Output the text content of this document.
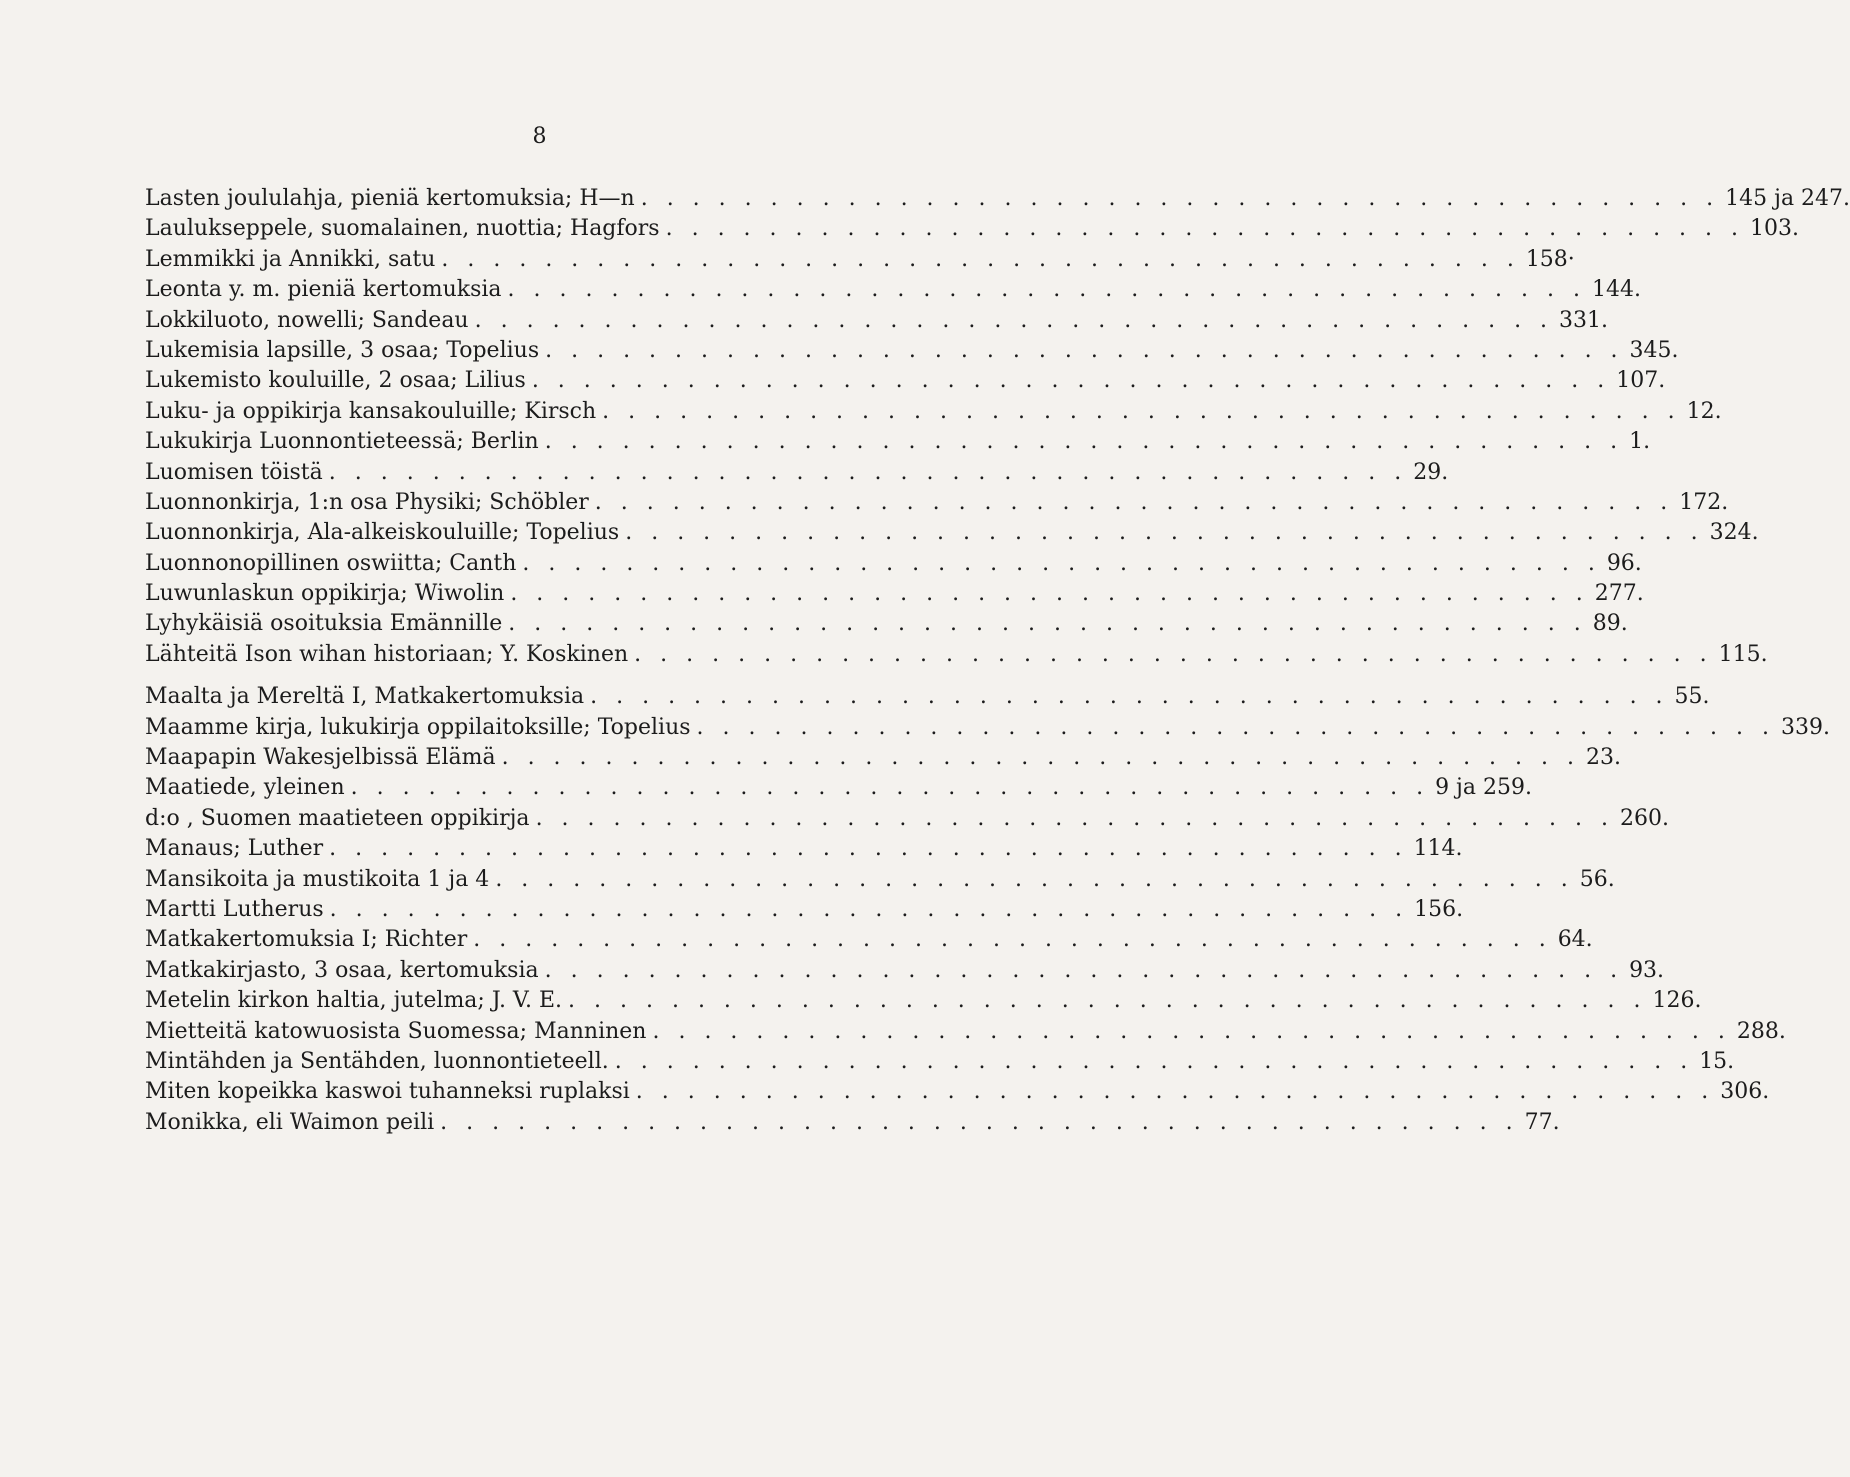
8
Lasten joululahja, pieniä kertomuksia; H—n . . . . . . . . . . . . . . . . . . . . . . . . . . . . . . . . . . . . . . . . . . 145 ja 247.
Laulukseppele, suomalainen, nuottia; Hagfors . . . . . . . . . . . . . . . . . . . . . . . . . . . . . . . . . . . . . . . . . . 103.
Lemmikki ja Annikki, satu . . . . . . . . . . . . . . . . . . . . . . . . . . . . . . . . . . . . . . . . . . 158·
Leonta y. m. pieniä kertomuksia . . . . . . . . . . . . . . . . . . . . . . . . . . . . . . . . . . . . . . . . . . 144.
Lokkiluoto, nowelli; Sandeau . . . . . . . . . . . . . . . . . . . . . . . . . . . . . . . . . . . . . . . . . . 331.
Lukemisia lapsille, 3 osaa; Topelius . . . . . . . . . . . . . . . . . . . . . . . . . . . . . . . . . . . . . . . . . . 345.
Lukemisto kouluille, 2 osaa; Lilius . . . . . . . . . . . . . . . . . . . . . . . . . . . . . . . . . . . . . . . . . . 107.
Luku- ja oppikirja kansakouluille; Kirsch . . . . . . . . . . . . . . . . . . . . . . . . . . . . . . . . . . . . . . . . . . 12.
Lukukirja Luonnontieteessä; Berlin . . . . . . . . . . . . . . . . . . . . . . . . . . . . . . . . . . . . . . . . . . 1.
Luomisen töistä . . . . . . . . . . . . . . . . . . . . . . . . . . . . . . . . . . . . . . . . . . 29.
Luonnonkirja, 1:n osa Physiki; Schöbler . . . . . . . . . . . . . . . . . . . . . . . . . . . . . . . . . . . . . . . . . . 172.
Luonnonkirja, Ala-alkeiskouluille; Topelius . . . . . . . . . . . . . . . . . . . . . . . . . . . . . . . . . . . . . . . . . . 324.
Luonnonopillinen oswiitta; Canth . . . . . . . . . . . . . . . . . . . . . . . . . . . . . . . . . . . . . . . . . . 96.
Luwunlaskun oppikirja; Wiwolin . . . . . . . . . . . . . . . . . . . . . . . . . . . . . . . . . . . . . . . . . . 277.
Lyhykäisiä osoituksia Emännille . . . . . . . . . . . . . . . . . . . . . . . . . . . . . . . . . . . . . . . . . . 89.
Lähteitä Ison wihan historiaan; Y. Koskinen . . . . . . . . . . . . . . . . . . . . . . . . . . . . . . . . . . . . . . . . . . 115.
Maalta ja Mereltä I, Matkakertomuksia . . . . . . . . . . . . . . . . . . . . . . . . . . . . . . . . . . . . . . . . . . 55.
Maamme kirja, lukukirja oppilaitoksille; Topelius . . . . . . . . . . . . . . . . . . . . . . . . . . . . . . . . . . . . . . . . . . 339.
Maapapin Wakesjelbissä Elämä . . . . . . . . . . . . . . . . . . . . . . . . . . . . . . . . . . . . . . . . . . 23.
Maatiede, yleinen . . . . . . . . . . . . . . . . . . . . . . . . . . . . . . . . . . . . . . . . . . 9 ja 259.
d:o , Suomen maatieteen oppikirja . . . . . . . . . . . . . . . . . . . . . . . . . . . . . . . . . . . . . . . . . . 260.
Manaus; Luther . . . . . . . . . . . . . . . . . . . . . . . . . . . . . . . . . . . . . . . . . . 114.
Mansikoita ja mustikoita 1 ja 4 . . . . . . . . . . . . . . . . . . . . . . . . . . . . . . . . . . . . . . . . . . 56.
Martti Lutherus . . . . . . . . . . . . . . . . . . . . . . . . . . . . . . . . . . . . . . . . . . 156.
Matkakertomuksia I; Richter . . . . . . . . . . . . . . . . . . . . . . . . . . . . . . . . . . . . . . . . . . 64.
Matkakirjasto, 3 osaa, kertomuksia . . . . . . . . . . . . . . . . . . . . . . . . . . . . . . . . . . . . . . . . . . 93.
Metelin kirkon haltia, jutelma; J. V. E. . . . . . . . . . . . . . . . . . . . . . . . . . . . . . . . . . . . . . . . . . . 126.
Mietteitä katowuosista Suomessa; Manninen . . . . . . . . . . . . . . . . . . . . . . . . . . . . . . . . . . . . . . . . . . 288.
Mintähden ja Sentähden, luonnontieteell. . . . . . . . . . . . . . . . . . . . . . . . . . . . . . . . . . . . . . . . . . . 15.
Miten kopeikka kaswoi tuhanneksi ruplaksi . . . . . . . . . . . . . . . . . . . . . . . . . . . . . . . . . . . . . . . . . . 306.
Monikka, eli Waimon peili . . . . . . . . . . . . . . . . . . . . . . . . . . . . . . . . . . . . . . . . . . 77.
